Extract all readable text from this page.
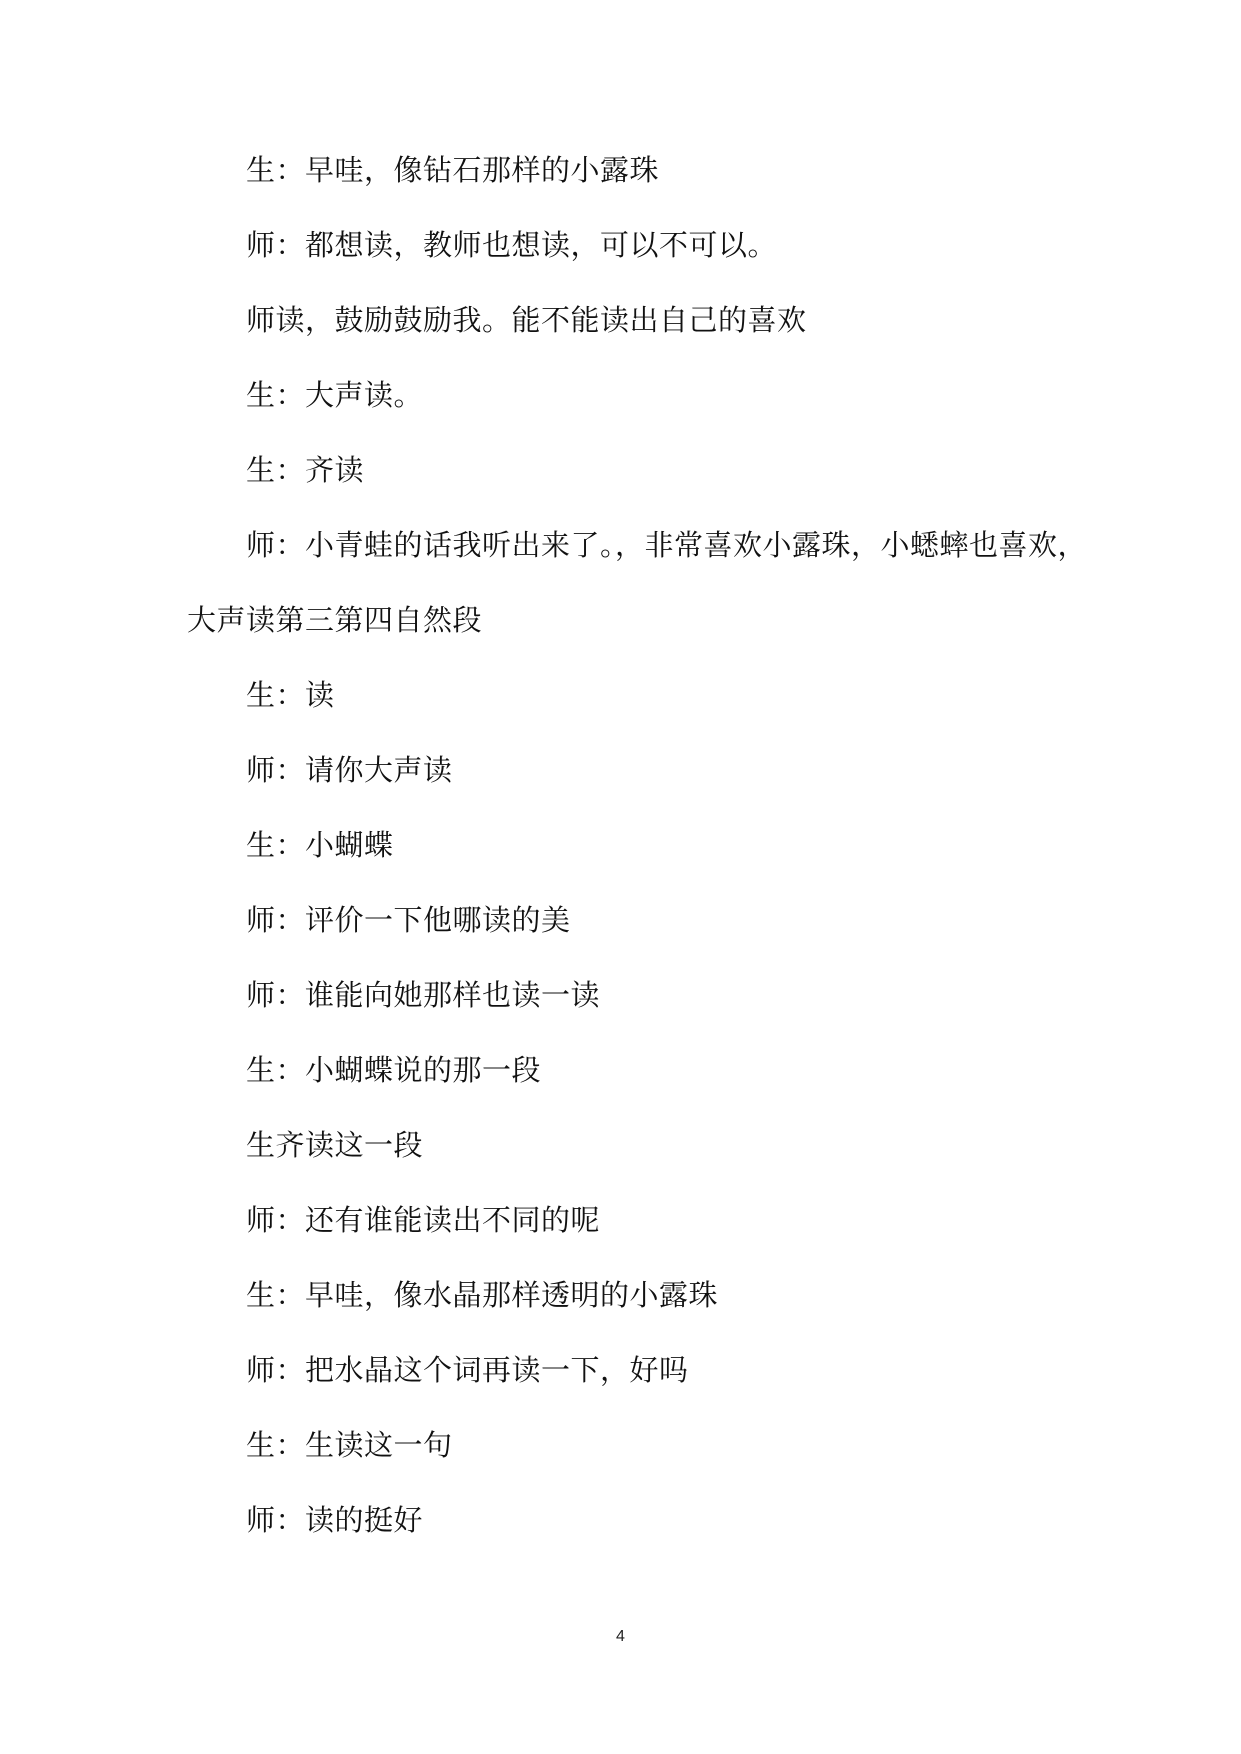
生：早哇，像钻石那样的小露珠
师：都想读，教师也想读，可以不可以。
师读，鼓励鼓励我。能不能读出自己的喜欢
生：大声读。
生：齐读
师：小青蛙的话我听出来了。，非常喜欢小露珠，小蟋蟀也喜欢，
大声读第三第四自然段
生：读
师：请你大声读
生：小蝴蝶
师：评价一下他哪读的美
师：谁能向她那样也读一读
生：小蝴蝶说的那一段
生齐读这一段
师：还有谁能读出不同的呢
生：早哇，像水晶那样透明的小露珠
师：把水晶这个词再读一下，好吗
生：生读这一句
师：读的挺好
4
